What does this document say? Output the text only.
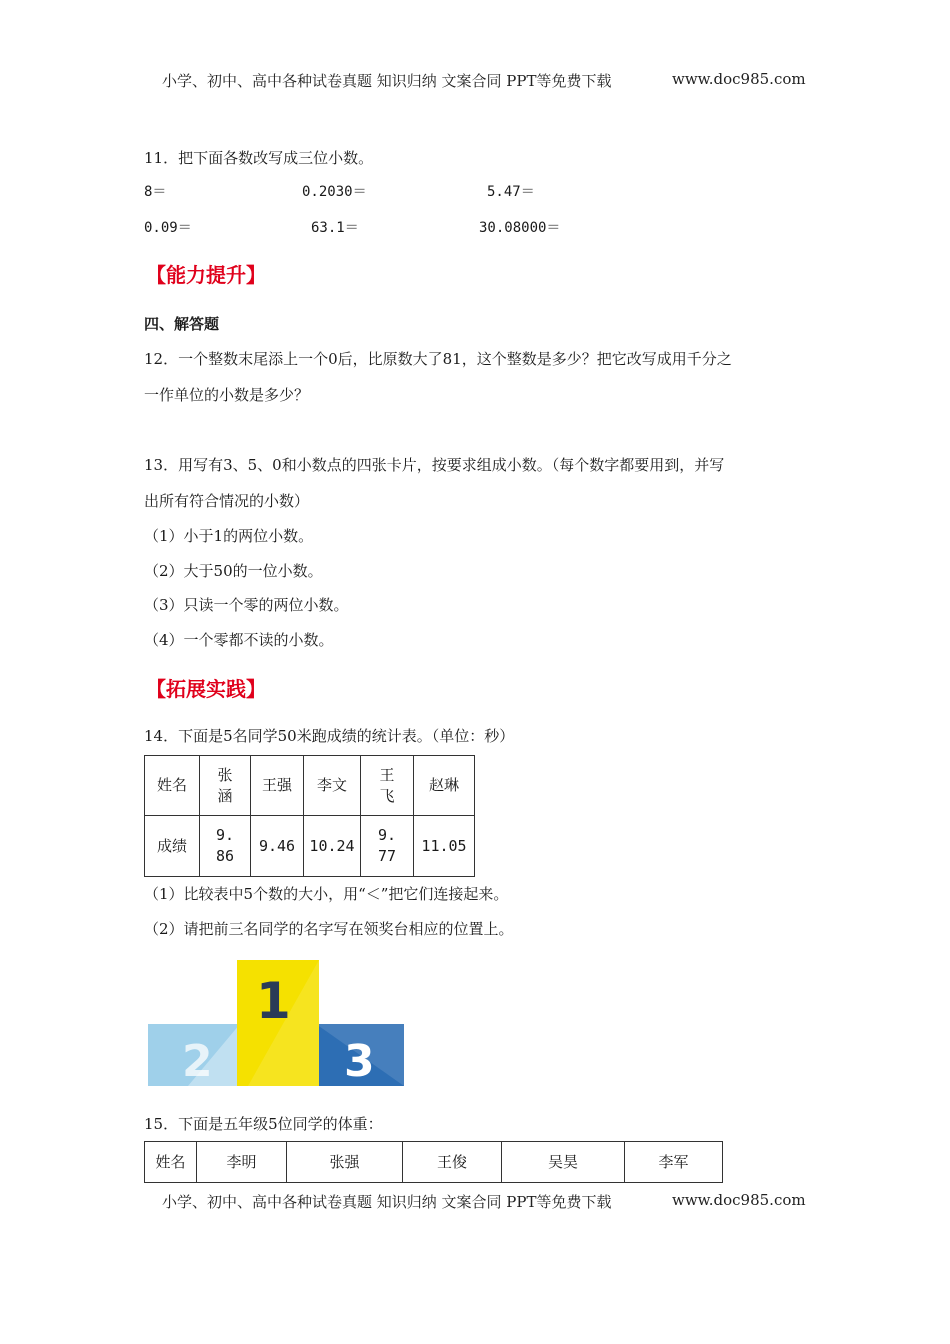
小学、初中、高中各种试卷真题 知识归纳 文案合同 PPT等免费下载	www.doc985.com
11．把下面各数改写成三位小数。
8＝	0.2030＝	5.47＝
0.09＝	63.1＝	30.08000＝
【能力提升】
四、解答题
12．一个整数末尾添上一个0后，比原数大了81，这个整数是多少？把它改写成用千分之
一作单位的小数是多少？
13．用写有3、5、0和小数点的四张卡片，按要求组成小数。（每个数字都要用到，并写
出所有符合情况的小数）
（1）小于1的两位小数。
（2）大于50的一位小数。
（3）只读一个零的两位小数。
（4）一个零都不读的小数。
【拓展实践】
14．下面是5名同学50米跑成绩的统计表。（单位：秒）
姓名	张涵	王强	李文	王飞	赵琳
成绩	9.86	9.46	10.24	9.77	11.05
（1）比较表中5个数的大小，用“＜”把它们连接起来。
（2）请把前三名同学的名字写在领奖台相应的位置上。
2	3
1
15．下面是五年级5位同学的体重：
姓名	李明	张强	王俊	吴昊	李军
小学、初中、高中各种试卷真题 知识归纳 文案合同 PPT等免费下载	www.doc985.com
